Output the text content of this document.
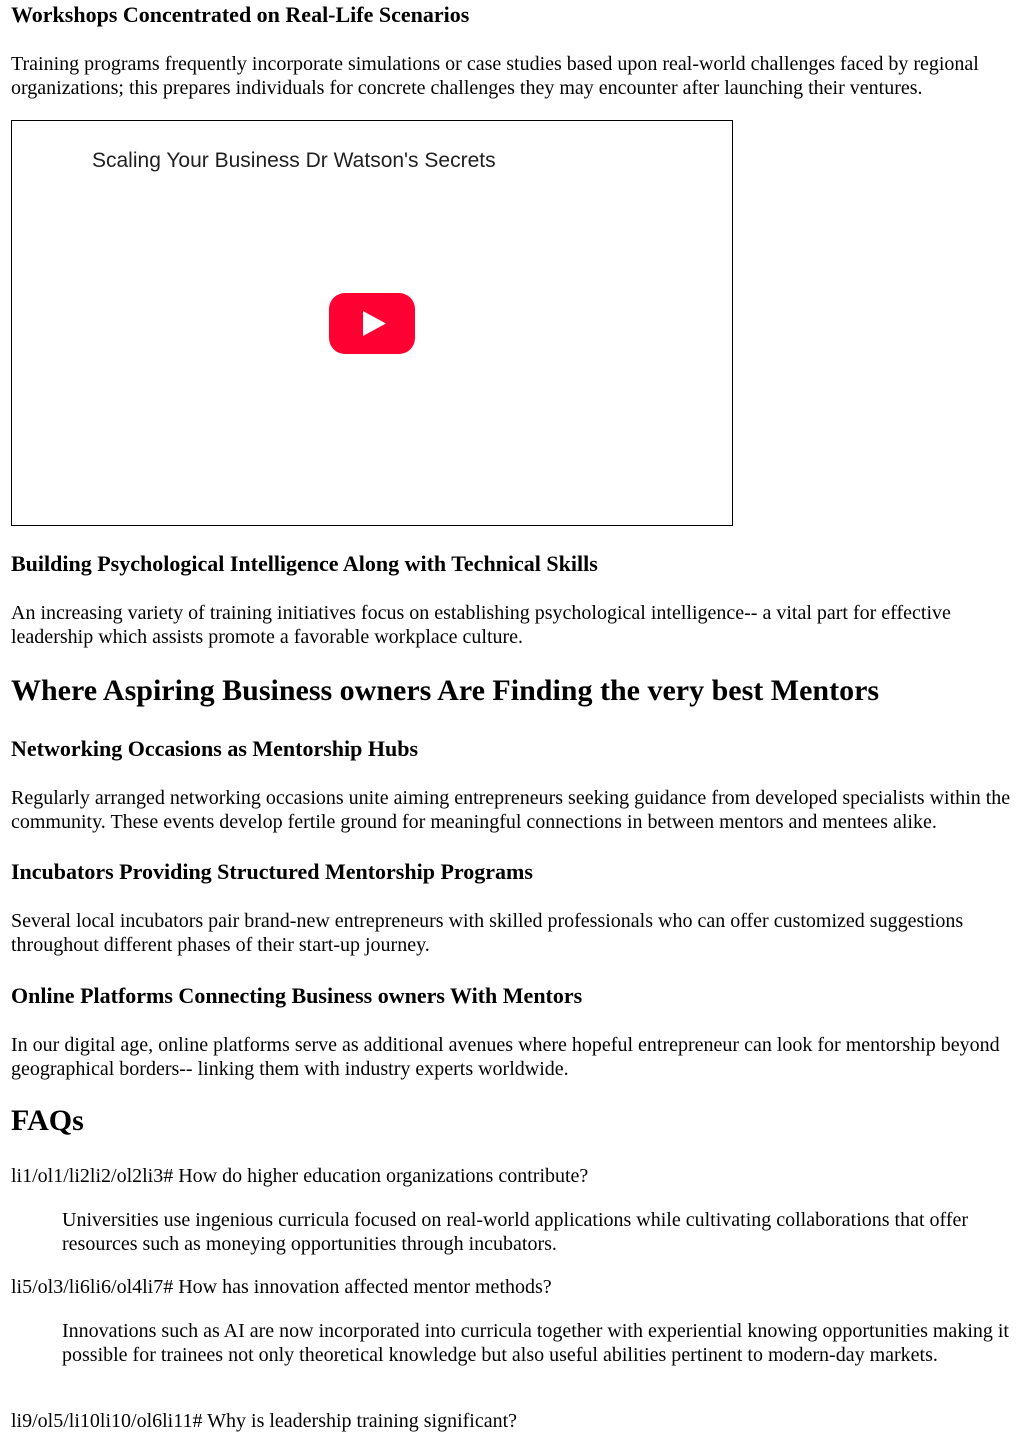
Workshops Concentrated on Real-Life Scenarios

Training programs frequently incorporate simulations or case studies based upon real-world challenges faced by regional organizations; this prepares individuals for concrete challenges they may encounter after launching their ventures.

Scaling Your Business Dr Watson's Secrets
Building Psychological Intelligence Along with Technical Skills

An increasing variety of training initiatives focus on establishing psychological intelligence-- a vital part for effective leadership which assists promote a favorable workplace culture.

Where Aspiring Business owners Are Finding the very best Mentors
Networking Occasions as Mentorship Hubs

Regularly arranged networking occasions unite aiming entrepreneurs seeking guidance from developed specialists within the community. These events develop fertile ground for meaningful connections in between mentors and mentees alike.

Incubators Providing Structured Mentorship Programs

Several local incubators pair brand-new entrepreneurs with skilled professionals who can offer customized suggestions throughout different phases of their start-up journey.

Online Platforms Connecting Business owners With Mentors

In our digital age, online platforms serve as additional avenues where hopeful entrepreneur can look for mentorship beyond geographical borders-- linking them with industry experts worldwide.

FAQs
li1/ol1/li2li2/ol2li3# How do higher education organizations contribute?
Universities use ingenious curricula focused on real-world applications while cultivating collaborations that offer resources such as moneying opportunities through incubators.
li5/ol3/li6li6/ol4li7# How has innovation affected mentor methods?
Innovations such as AI are now incorporated into curricula together with experiential knowing opportunities making it possible for trainees not only theoretical knowledge but also useful abilities pertinent to modern-day markets.
li9/ol5/li10li10/ol6li11# Why is leadership training significant?
